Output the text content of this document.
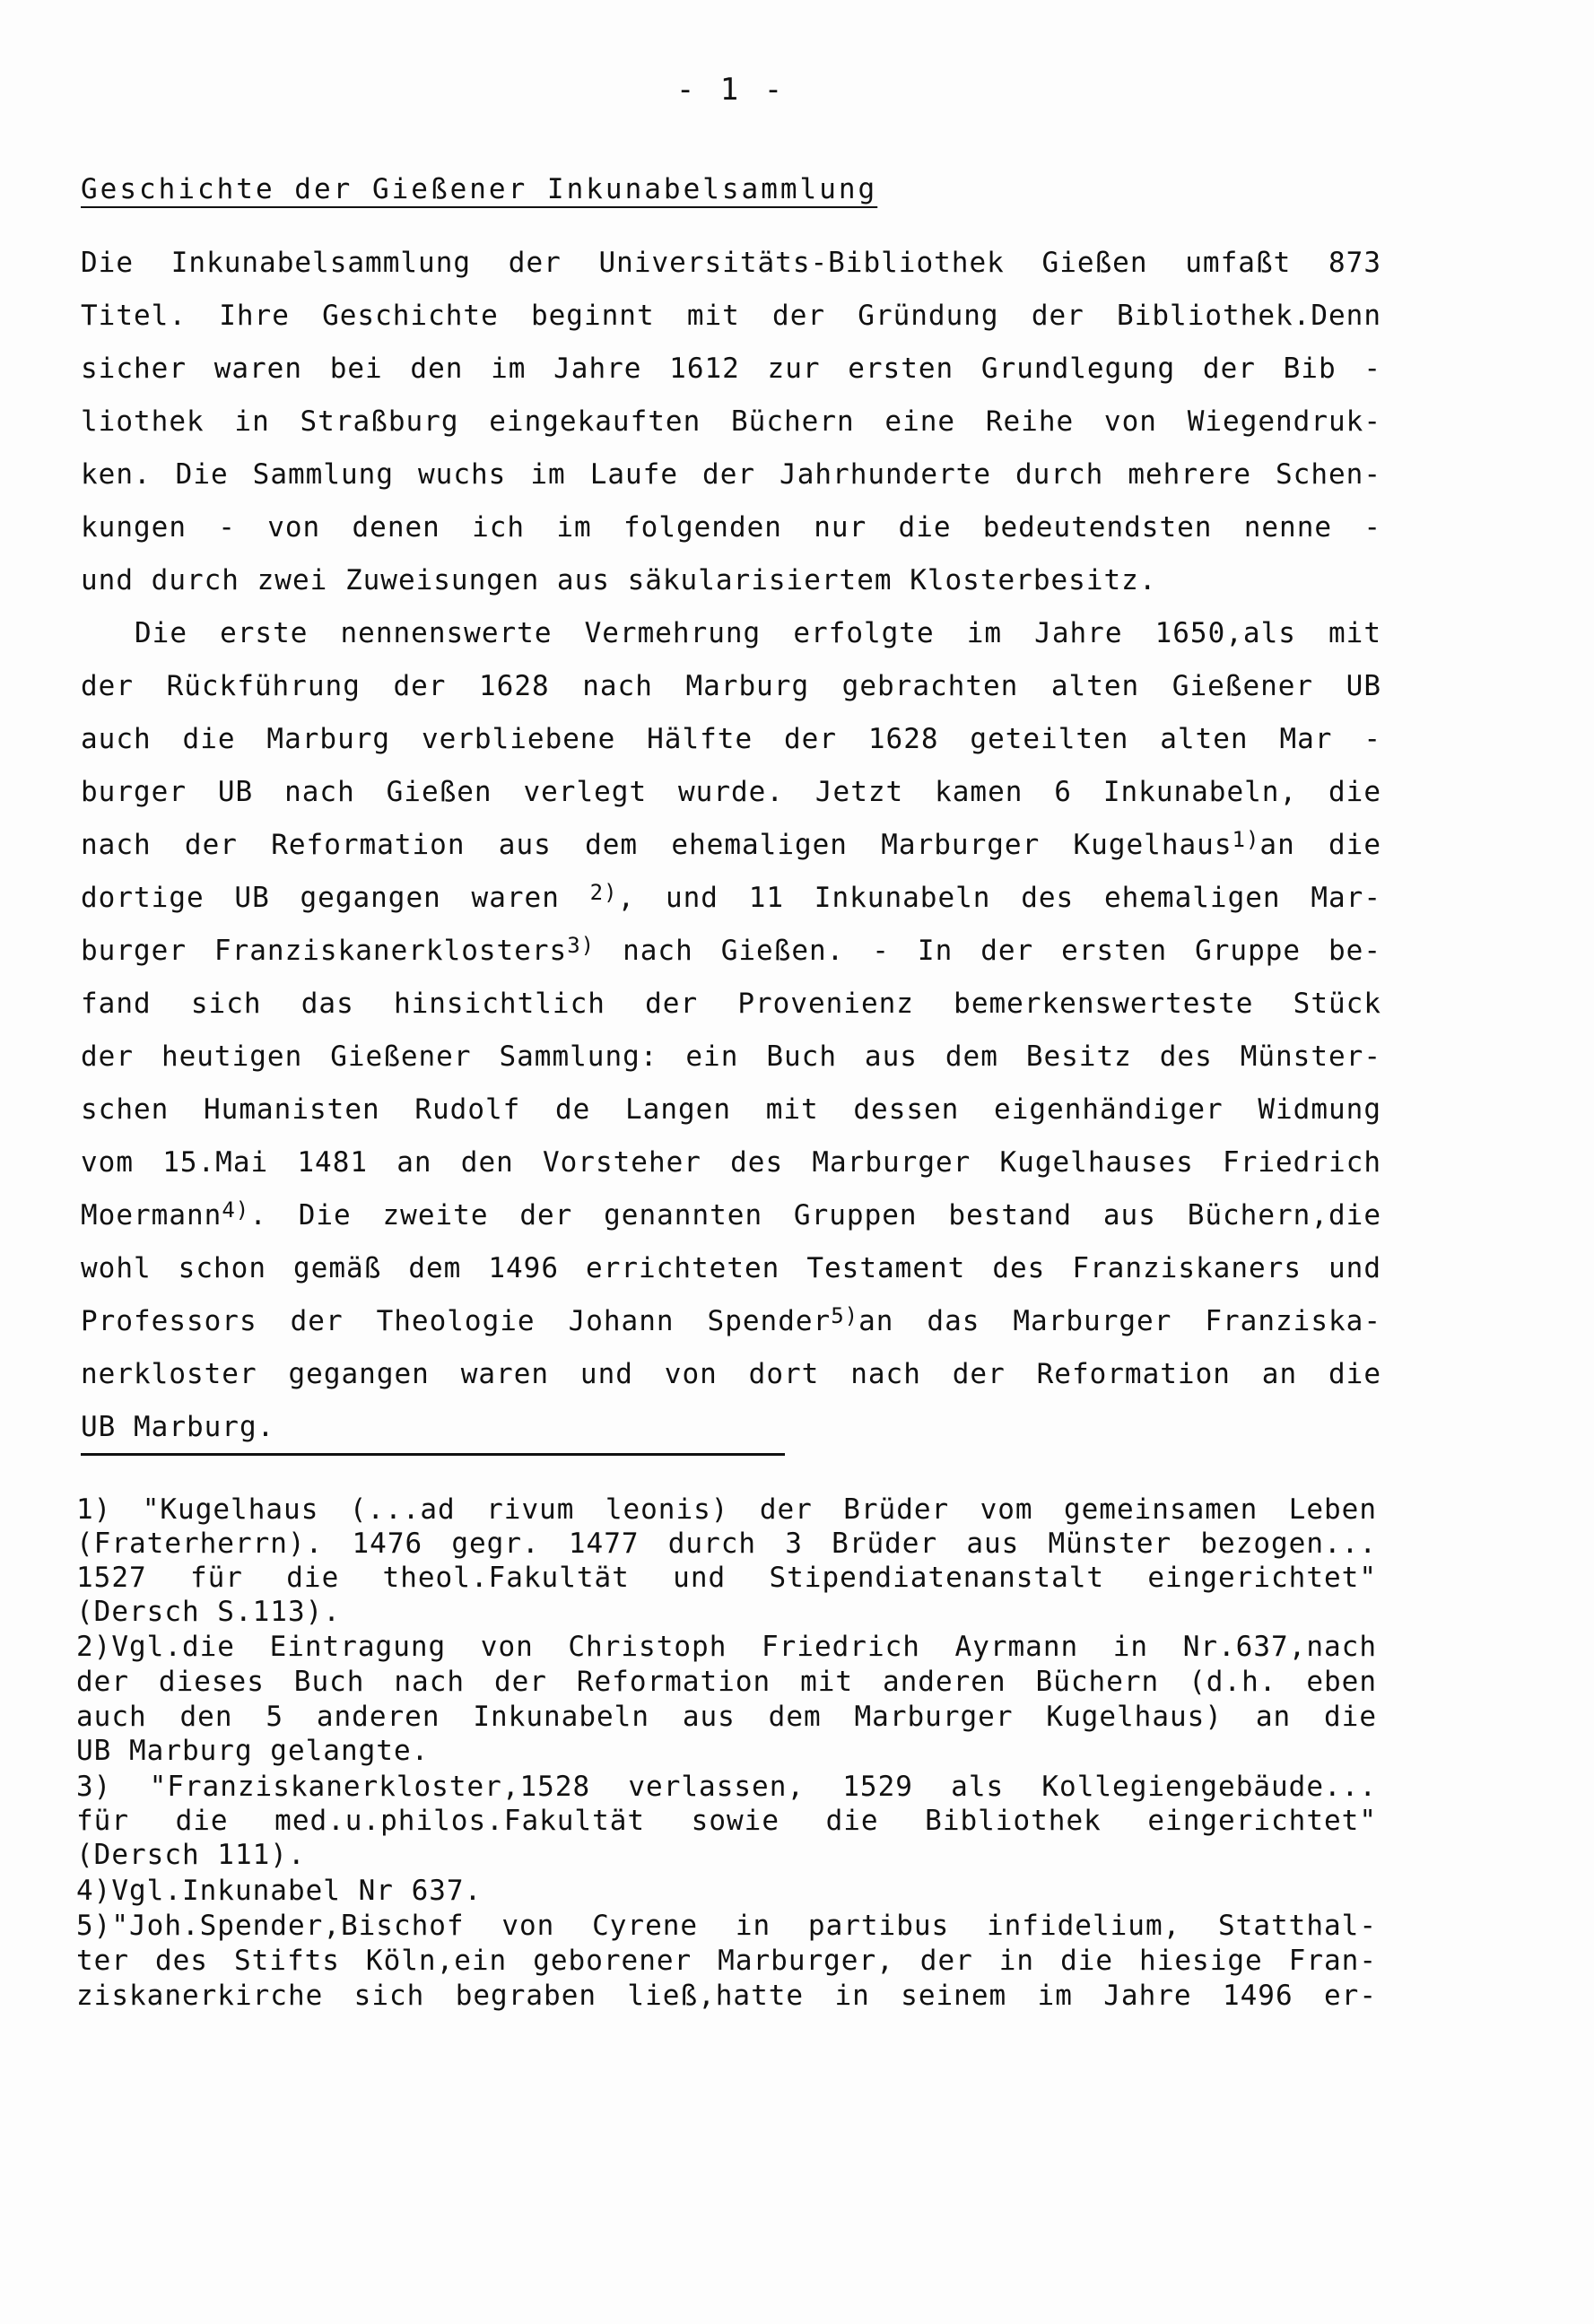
- 1 -
Geschichte der Gießener Inkunabelsammlung
Die Inkunabelsammlung der Universitäts-Bibliothek Gießen umfaßt 873
Titel. Ihre Geschichte beginnt mit der Gründung der Bibliothek.Denn
sicher waren bei den im Jahre 1612 zur ersten Grundlegung der Bib -
liothek in Straßburg eingekauften Büchern eine Reihe von Wiegendruk-
ken. Die Sammlung wuchs im Laufe der Jahrhunderte durch mehrere Schen-
kungen - von denen ich im folgenden nur die bedeutendsten nenne -
und durch zwei Zuweisungen aus säkularisiertem Klosterbesitz.
Die erste nennenswerte Vermehrung erfolgte im Jahre 1650,als mit
der Rückführung der 1628 nach Marburg gebrachten alten Gießener UB
auch die Marburg verbliebene Hälfte der 1628 geteilten alten Mar -
burger UB nach Gießen verlegt wurde. Jetzt kamen 6 Inkunabeln, die
nach der Reformation aus dem ehemaligen Marburger Kugelhaus$^{1)}$an die
dortige UB gegangen waren $^{2)}$, und 11 Inkunabeln des ehemaligen Mar-
burger Franziskanerklosters$^{3)}$ nach Gießen. - In der ersten Gruppe be-
fand sich das hinsichtlich der Provenienz bemerkenswerteste Stück
der heutigen Gießener Sammlung: ein Buch aus dem Besitz des Münster-
schen Humanisten Rudolf de Langen mit dessen eigenhändiger Widmung
vom 15.Mai 1481 an den Vorsteher des Marburger Kugelhauses Friedrich
Moermann$^{4)}$. Die zweite der genannten Gruppen bestand aus Büchern,die
wohl schon gemäß dem 1496 errichteten Testament des Franziskaners und
Professors der Theologie Johann Spender$^{5)}$an das Marburger Franziska-
nerkloster gegangen waren und von dort nach der Reformation an die
UB Marburg.
1) "Kugelhaus (...ad rivum leonis) der Brüder vom gemeinsamen Leben
(Fraterherrn). 1476 gegr. 1477 durch 3 Brüder aus Münster bezogen...
1527 für die theol.Fakultät und Stipendiatenanstalt eingerichtet"
(Dersch S.113).
2)Vgl.die Eintragung von Christoph Friedrich Ayrmann in Nr.637,nach
der dieses Buch nach der Reformation mit anderen Büchern (d.h. eben
auch den 5 anderen Inkunabeln aus dem Marburger Kugelhaus) an die
UB Marburg gelangte.
3) "Franziskanerkloster,1528 verlassen, 1529 als Kollegiengebäude...
für die med.u.philos.Fakultät sowie die Bibliothek eingerichtet"
(Dersch 111).
4)Vgl.Inkunabel Nr 637.
5)"Joh.Spender,Bischof von Cyrene in partibus infidelium, Statthal-
ter des Stifts Köln,ein geborener Marburger, der in die hiesige Fran-
ziskanerkirche sich begraben ließ,hatte in seinem im Jahre 1496 er-
